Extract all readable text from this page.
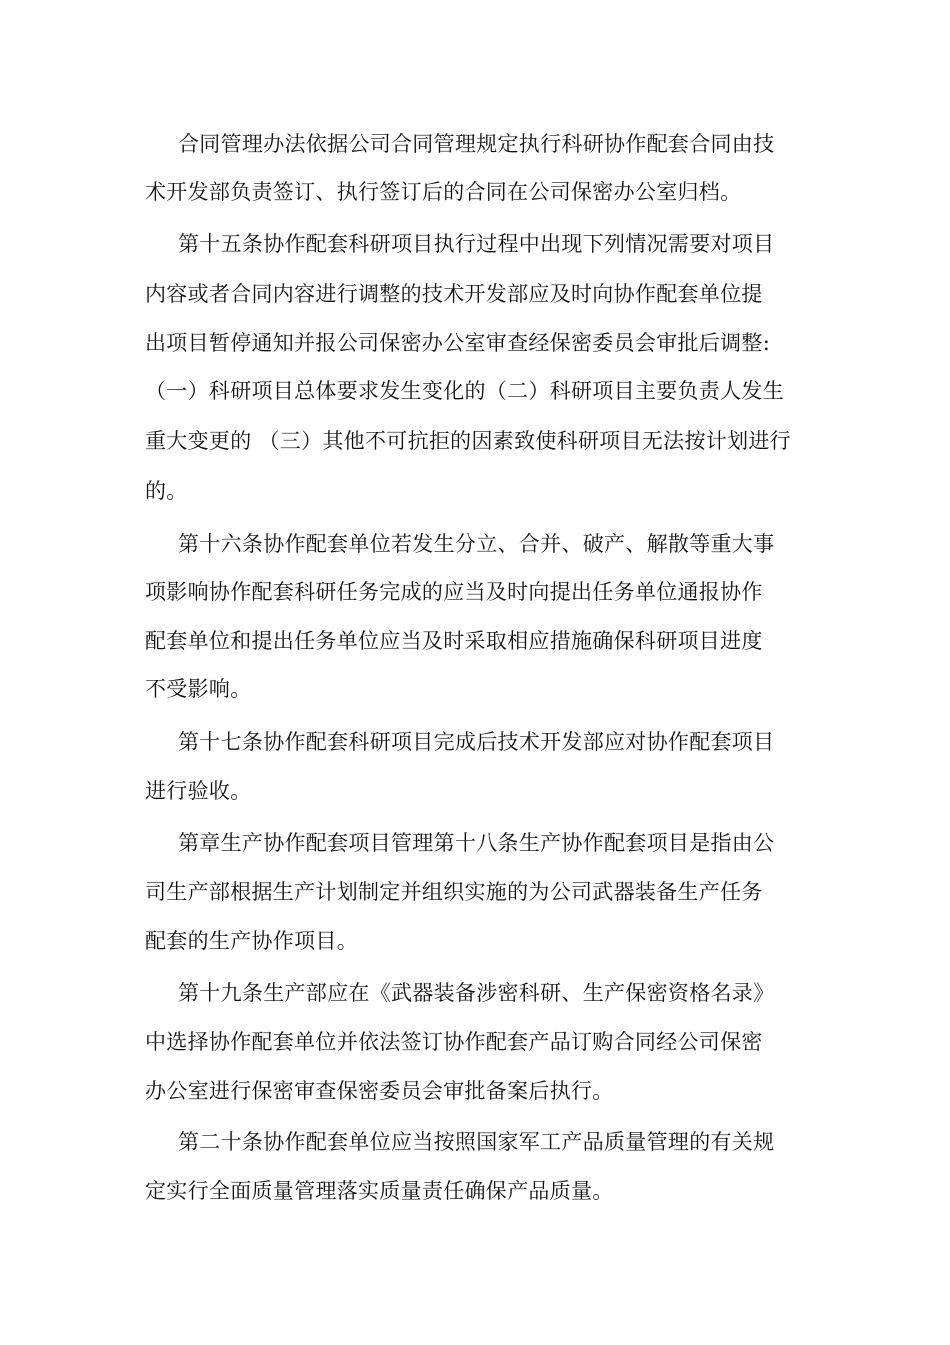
合同管理办法依据公司合同管理规定执行科研协作配套合同由技
术开发部负责签订、执行签订后的合同在公司保密办公室归档。
第十五条协作配套科研项目执行过程中出现下列情况需要对项目
内容或者合同内容进行调整的技术开发部应及时向协作配套单位提
出项目暂停通知并报公司保密办公室审查经保密委员会审批后调整:
（一）科研项目总体要求发生变化的（二）科研项目主要负责人发生
重大变更的 （三）其他不可抗拒的因素致使科研项目无法按计划进行
的。
第十六条协作配套单位若发生分立、合并、破产、解散等重大事
项影响协作配套科研任务完成的应当及时向提出任务单位通报协作
配套单位和提出任务单位应当及时采取相应措施确保科研项目进度
不受影响。
第十七条协作配套科研项目完成后技术开发部应对协作配套项目
进行验收。
第章生产协作配套项目管理第十八条生产协作配套项目是指由公
司生产部根据生产计划制定并组织实施的为公司武器装备生产任务
配套的生产协作项目。
第十九条生产部应在《武器装备涉密科研、生产保密资格名录》
中选择协作配套单位并依法签订协作配套产品订购合同经公司保密
办公室进行保密审查保密委员会审批备案后执行。
第二十条协作配套单位应当按照国家军工产品质量管理的有关规
定实行全面质量管理落实质量责任确保产品质量。
